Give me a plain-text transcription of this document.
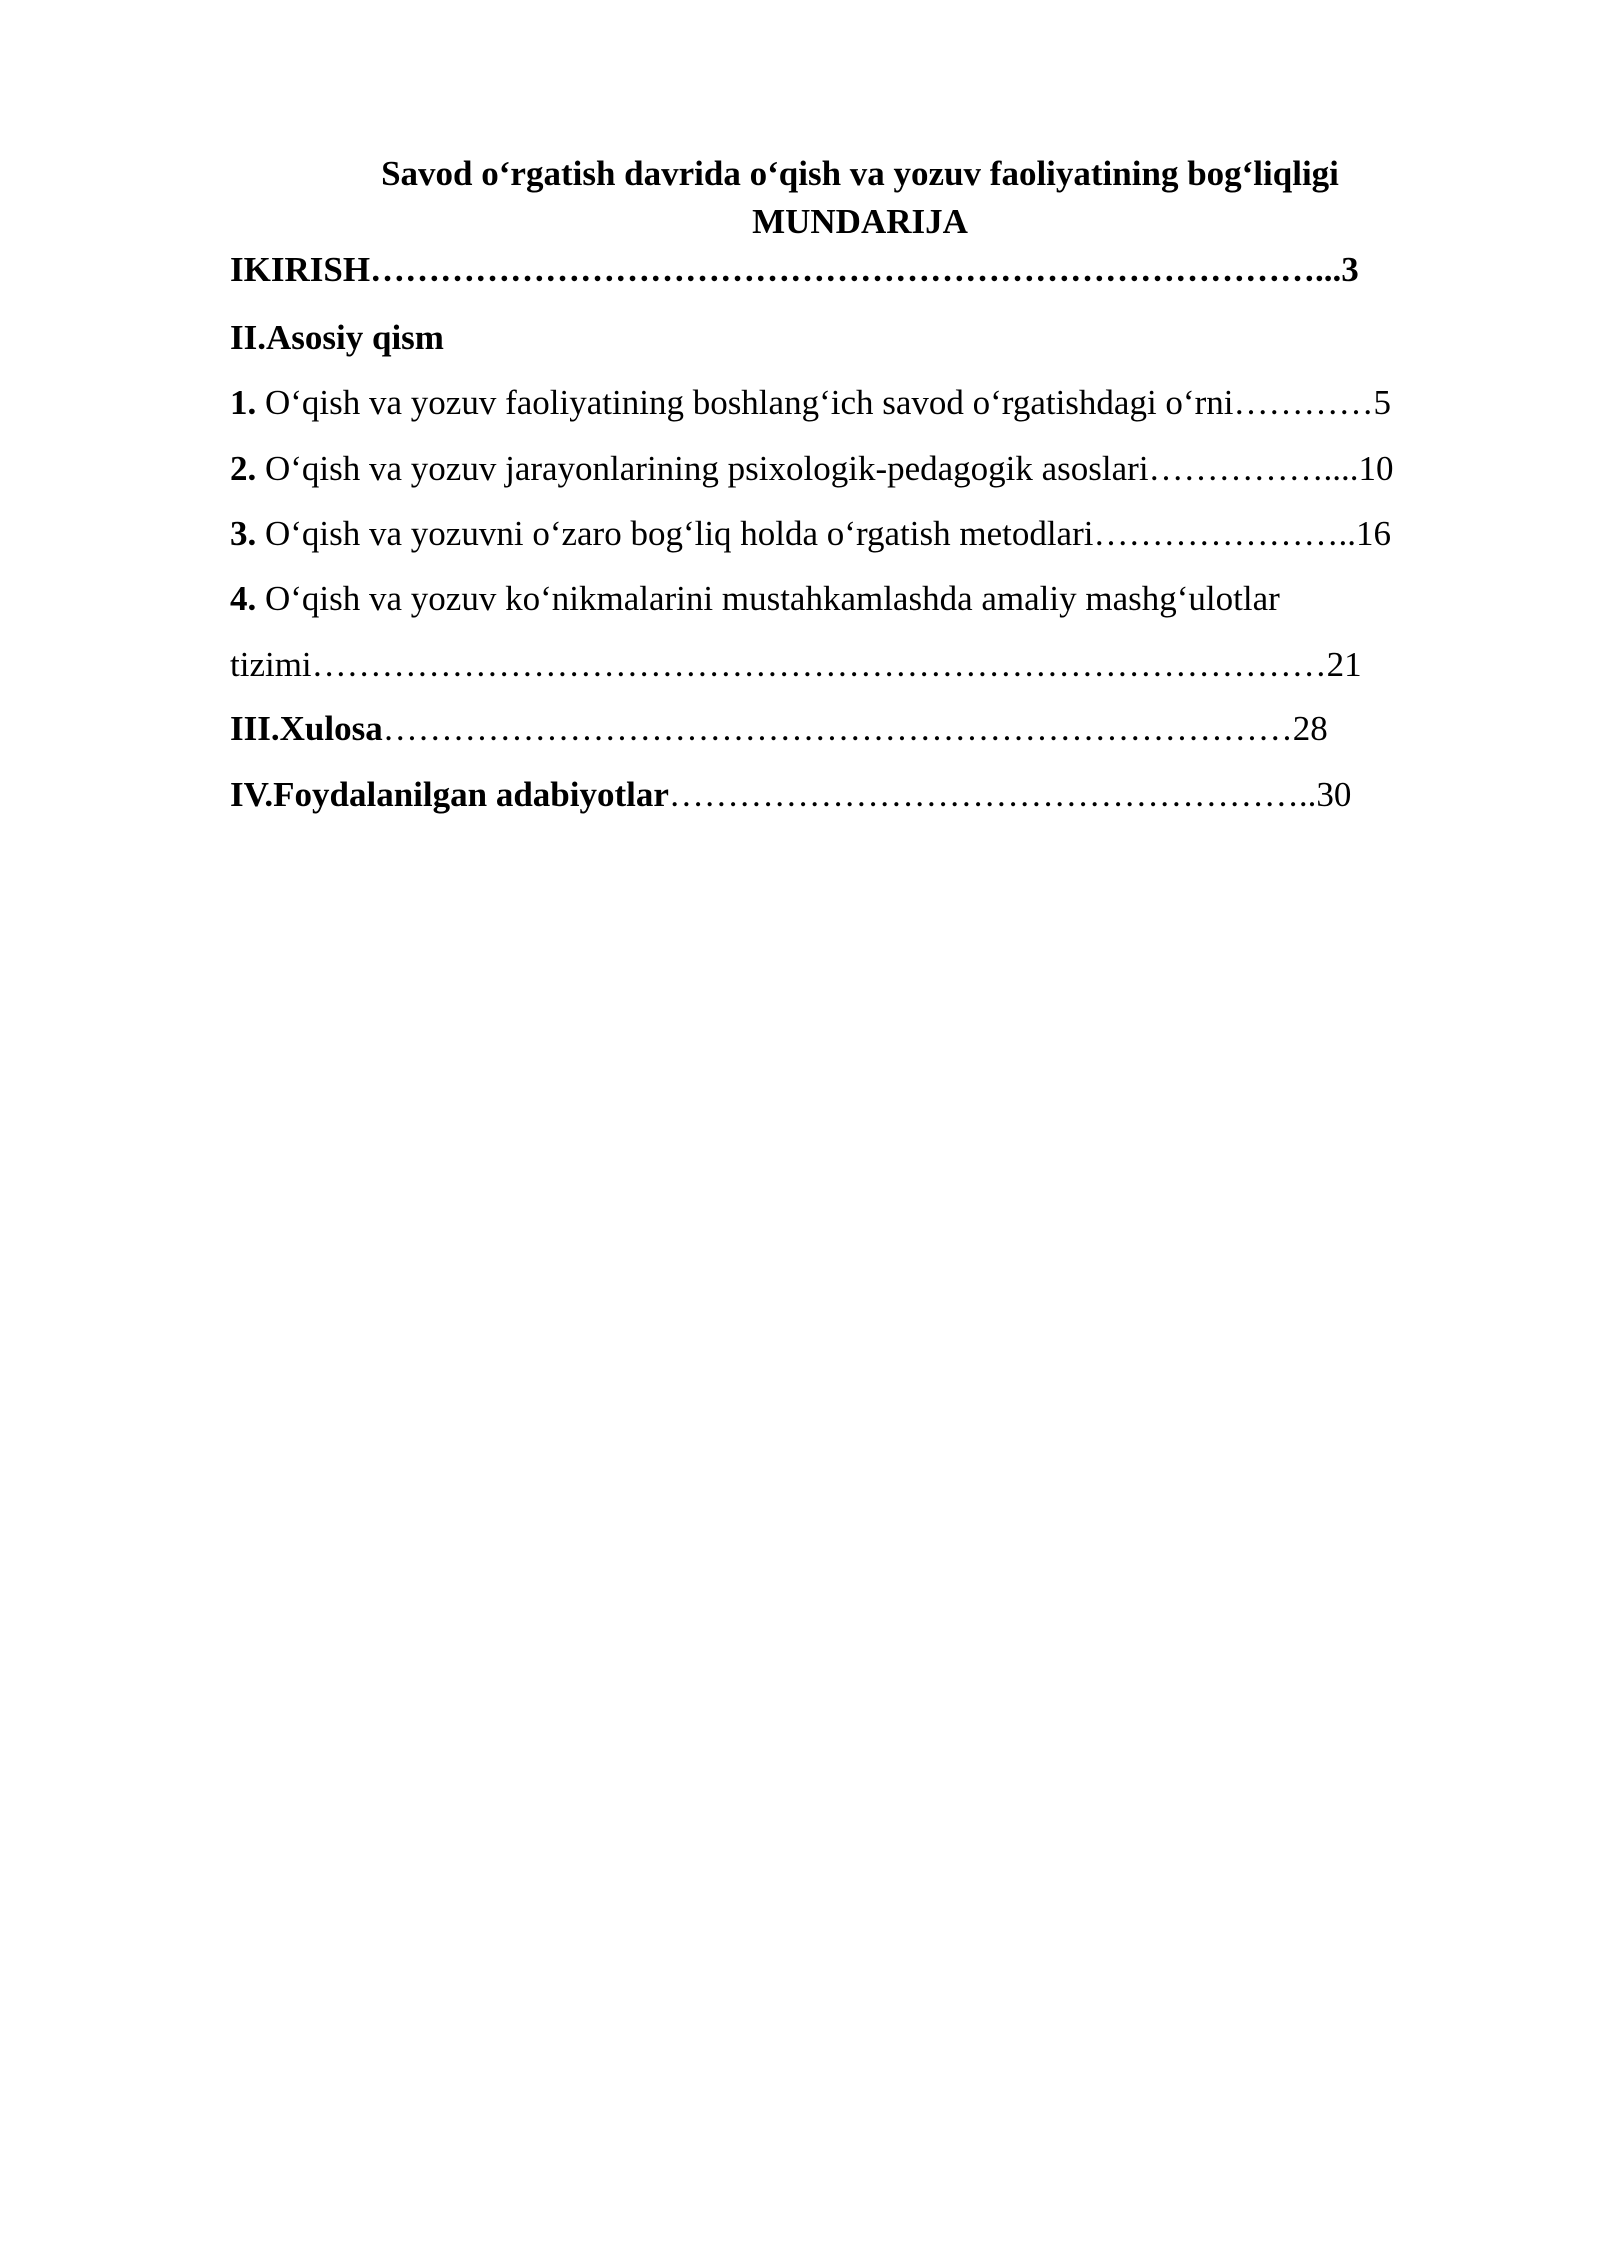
Savod o‘rgatish davrida o‘qish va yozuv faoliyatining bog‘liqligi
MUNDARIJA
IKIRISH………………………………………………………………………...3
II.Asosiy qism
1. O‘qish va yozuv faoliyatining boshlang‘ich savod o‘rgatishdagi o‘rni…………5
2. O‘qish va yozuv jarayonlarining psixologik-pedagogik asoslari……………....10
3. O‘qish va yozuvni o‘zaro bog‘liq holda o‘rgatish metodlari…………………..16
4. O‘qish va yozuv ko‘nikmalarini mustahkamlashda amaliy mashg‘ulotlar
tizimi……………………………………………………………………………21
III.Xulosa……………………………………………………………………28
IV.Foydalanilgan adabiyotlar………………………………………………..30
